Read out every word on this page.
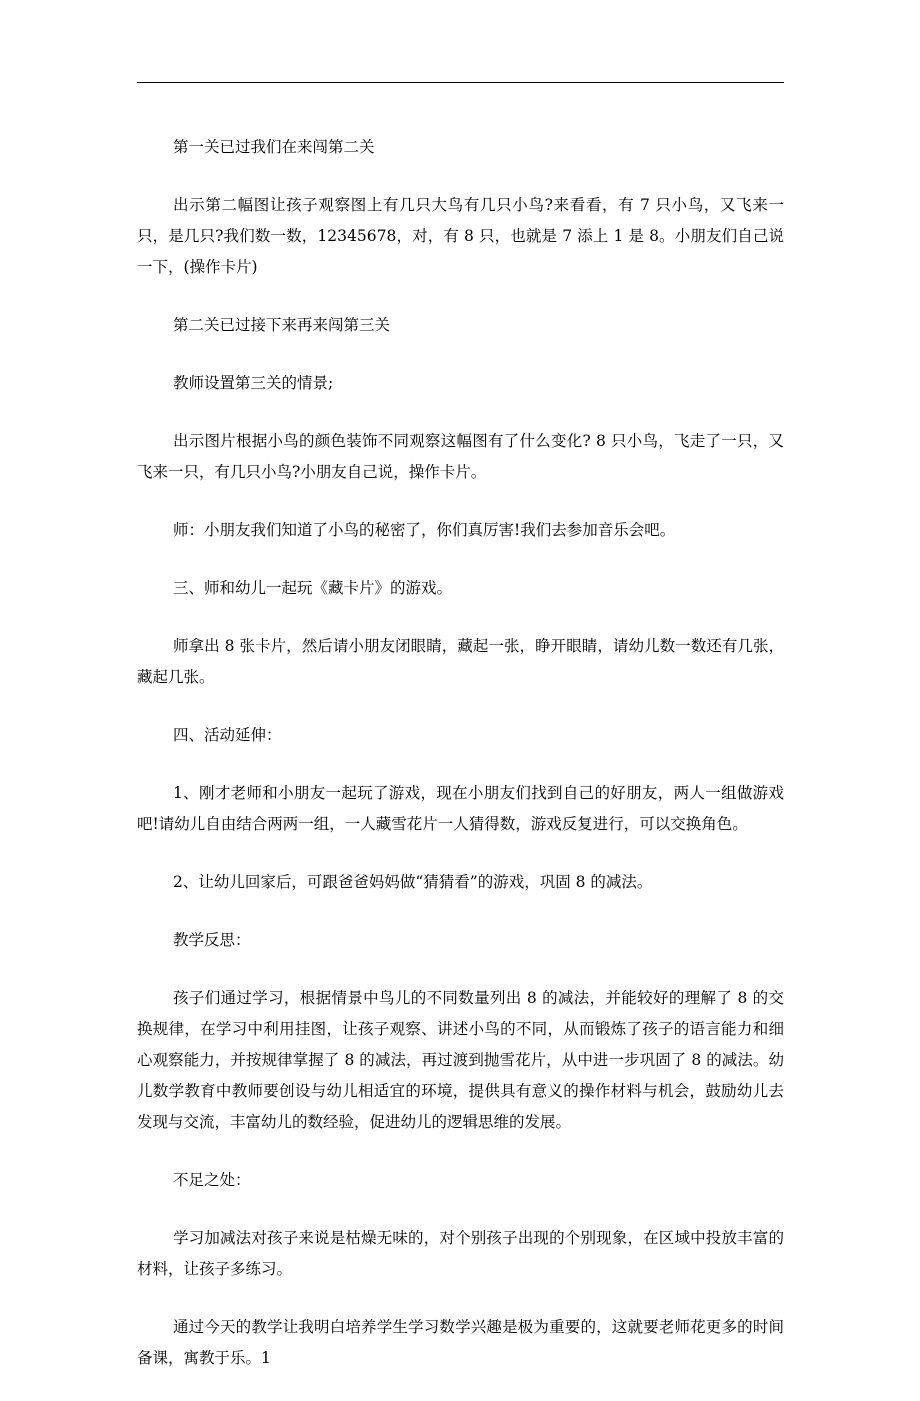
第一关已过我们在来闯第二关

出示第二幅图让孩子观察图上有几只大鸟有几只小鸟?来看看，有 7 只小鸟，又飞来一只，是几只?我们数一数，12345678，对，有 8 只，也就是 7 添上 1 是 8。小朋友们自己说一下，(操作卡片)

第二关已过接下来再来闯第三关

教师设置第三关的情景;

出示图片根据小鸟的颜色装饰不同观察这幅图有了什么变化? 8 只小鸟，飞走了一只，又飞来一只，有几只小鸟?小朋友自己说，操作卡片。

师：小朋友我们知道了小鸟的秘密了，你们真厉害!我们去参加音乐会吧。

三、师和幼儿一起玩《藏卡片》的游戏。

师拿出 8 张卡片，然后请小朋友闭眼睛，藏起一张，睁开眼睛，请幼儿数一数还有几张，藏起几张。

四、活动延伸：

1、刚才老师和小朋友一起玩了游戏，现在小朋友们找到自己的好朋友，两人一组做游戏吧!请幼儿自由结合两两一组，一人藏雪花片一人猜得数，游戏反复进行，可以交换角色。

2、让幼儿回家后，可跟爸爸妈妈做“猜猜看”的游戏，巩固 8 的减法。

教学反思：

孩子们通过学习，根据情景中鸟儿的不同数量列出 8 的减法，并能较好的理解了 8 的交换规律，在学习中利用挂图，让孩子观察、讲述小鸟的不同，从而锻炼了孩子的语言能力和细心观察能力，并按规律掌握了 8 的减法，再过渡到抛雪花片，从中进一步巩固了 8 的减法。幼儿数学教育中教师要创设与幼儿相适宜的环境，提供具有意义的操作材料与机会，鼓励幼儿去发现与交流，丰富幼儿的数经验，促进幼儿的逻辑思维的发展。

不足之处：

学习加减法对孩子来说是枯燥无味的，对个别孩子出现的个别现象，在区域中投放丰富的材料，让孩子多练习。

通过今天的教学让我明白培养学生学习数学兴趣是极为重要的，这就要老师花更多的时间备课，寓教于乐。1
